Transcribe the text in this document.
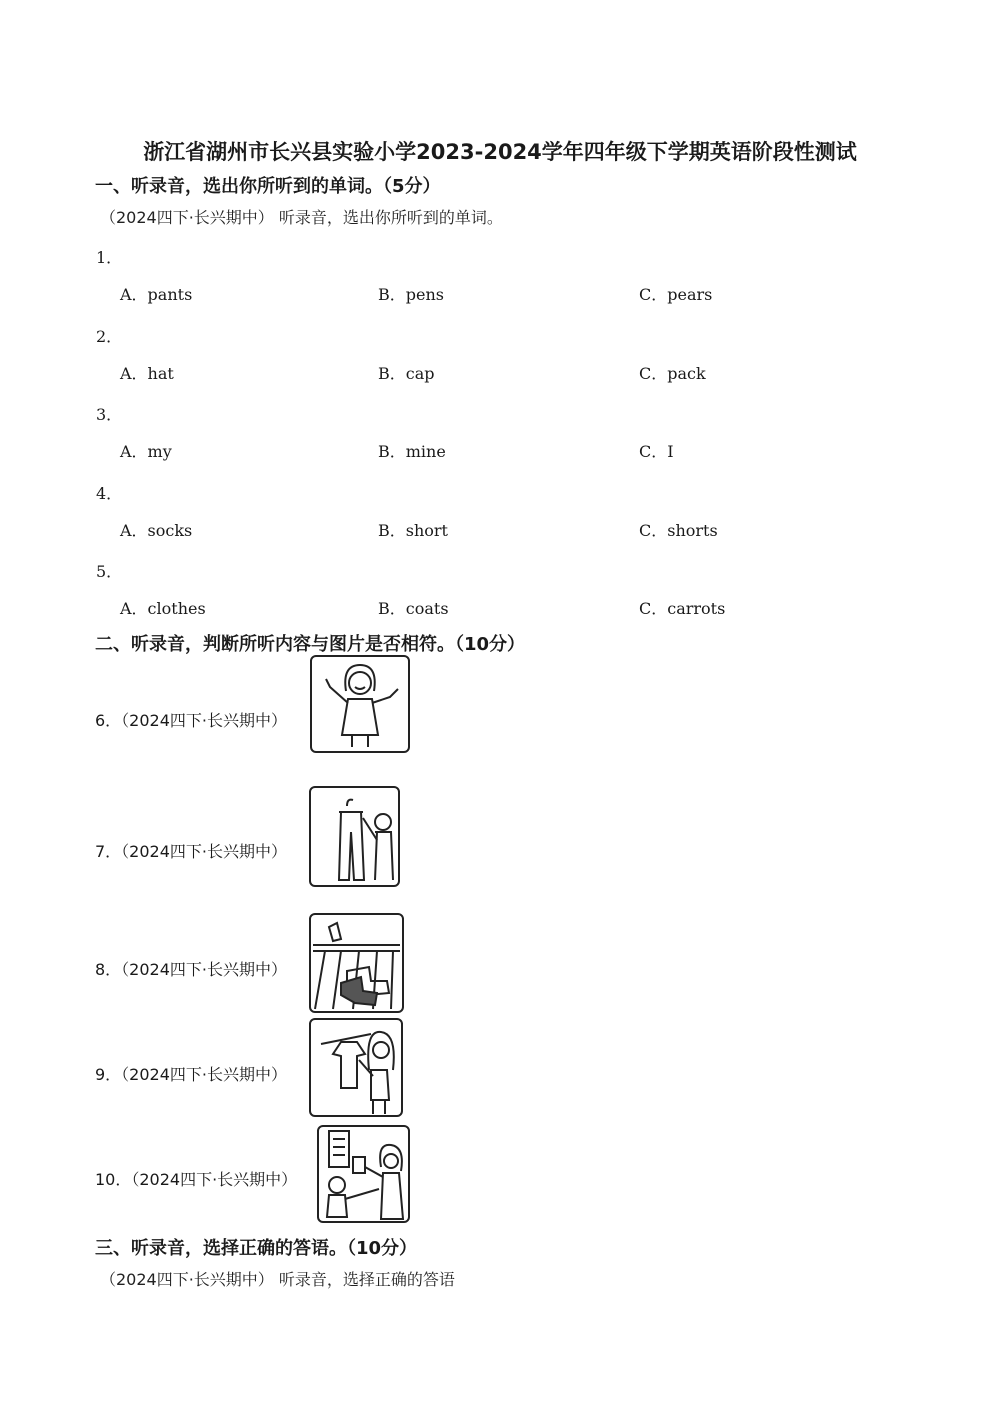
浙江省湖州市长兴县实验小学2023-2024学年四年级下学期英语阶段性测试
一、听录音，选出你所听到的单词。（5分）
（2024四下·长兴期中） 听录音，选出你所听到的单词。
1．
A．pants	B．pens	C．pears
2．
A．hat	B．cap	C．pack
3．
A．my	B．mine	C．I
4．
A．socks	B．short	C．shorts
5．
A．clothes	B．coats	C．carrots
二、听录音，判断所听内容与图片是否相符。（10分）
6．（2024四下·长兴期中）
7．（2024四下·长兴期中）
8．（2024四下·长兴期中）
9．（2024四下·长兴期中）
10．（2024四下·长兴期中）
三、听录音，选择正确的答语。（10分）
（2024四下·长兴期中） 听录音，选择正确的答语
